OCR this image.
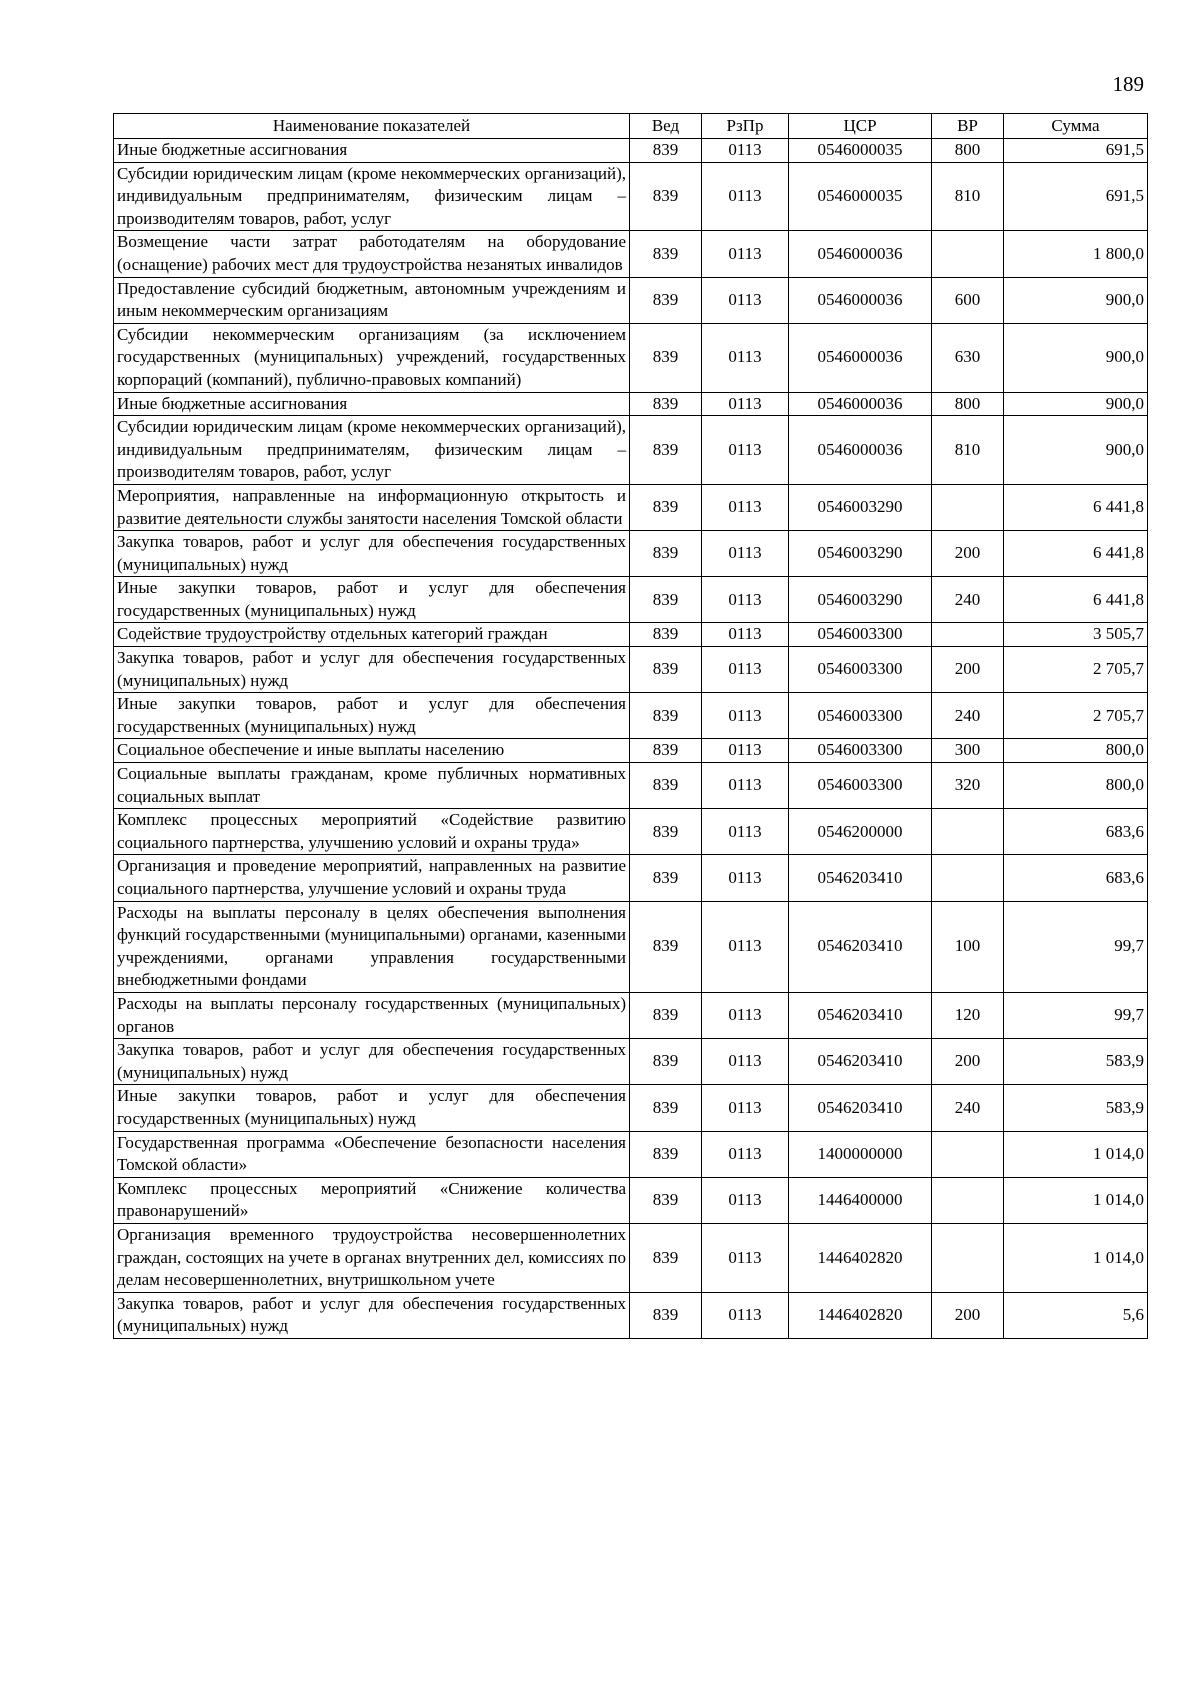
189
Наименование показателей	Вед	РзПр	ЦСР	ВР	Сумма
Иные бюджетные ассигнования	839	0113	0546000035	800	691,5
Субсидии юридическим лицам (кроме некоммерческих организаций), индивидуальным предпринимателям, физическим лицам – производителям товаров, работ, услуг	839	0113	0546000035	810	691,5
Возмещение части затрат работодателям на оборудование (оснащение) рабочих мест для трудоустройства незанятых инвалидов	839	0113	0546000036		1 800,0
Предоставление субсидий бюджетным, автономным учреждениям и иным некоммерческим организациям	839	0113	0546000036	600	900,0
Субсидии некоммерческим организациям (за исключением государственных (муниципальных) учреждений, государственных корпораций (компаний), публично-правовых компаний)	839	0113	0546000036	630	900,0
Иные бюджетные ассигнования	839	0113	0546000036	800	900,0
Субсидии юридическим лицам (кроме некоммерческих организаций), индивидуальным предпринимателям, физическим лицам – производителям товаров, работ, услуг	839	0113	0546000036	810	900,0
Мероприятия, направленные на информационную открытость и развитие деятельности службы занятости населения Томской области	839	0113	0546003290		6 441,8
Закупка товаров, работ и услуг для обеспечения государственных (муниципальных) нужд	839	0113	0546003290	200	6 441,8
Иные закупки товаров, работ и услуг для обеспечения государственных (муниципальных) нужд	839	0113	0546003290	240	6 441,8
Содействие трудоустройству отдельных категорий граждан	839	0113	0546003300		3 505,7
Закупка товаров, работ и услуг для обеспечения государственных (муниципальных) нужд	839	0113	0546003300	200	2 705,7
Иные закупки товаров, работ и услуг для обеспечения государственных (муниципальных) нужд	839	0113	0546003300	240	2 705,7
Социальное обеспечение и иные выплаты населению	839	0113	0546003300	300	800,0
Социальные выплаты гражданам, кроме публичных нормативных социальных выплат	839	0113	0546003300	320	800,0
Комплекс процессных мероприятий «Содействие развитию социального партнерства, улучшению условий и охраны труда»	839	0113	0546200000		683,6
Организация и проведение мероприятий, направленных на развитие социального партнерства, улучшение условий и охраны труда	839	0113	0546203410		683,6
Расходы на выплаты персоналу в целях обеспечения выполнения функций государственными (муниципальными) органами, казенными учреждениями, органами управления государственными внебюджетными фондами	839	0113	0546203410	100	99,7
Расходы на выплаты персоналу государственных (муниципальных) органов	839	0113	0546203410	120	99,7
Закупка товаров, работ и услуг для обеспечения государственных (муниципальных) нужд	839	0113	0546203410	200	583,9
Иные закупки товаров, работ и услуг для обеспечения государственных (муниципальных) нужд	839	0113	0546203410	240	583,9
Государственная программа «Обеспечение безопасности населения Томской области»	839	0113	1400000000		1 014,0
Комплекс процессных мероприятий «Снижение количества правонарушений»	839	0113	1446400000		1 014,0
Организация временного трудоустройства несовершеннолетних граждан, состоящих на учете в органах внутренних дел, комиссиях по делам несовершеннолетних, внутришкольном учете	839	0113	1446402820		1 014,0
Закупка товаров, работ и услуг для обеспечения государственных (муниципальных) нужд	839	0113	1446402820	200	5,6
